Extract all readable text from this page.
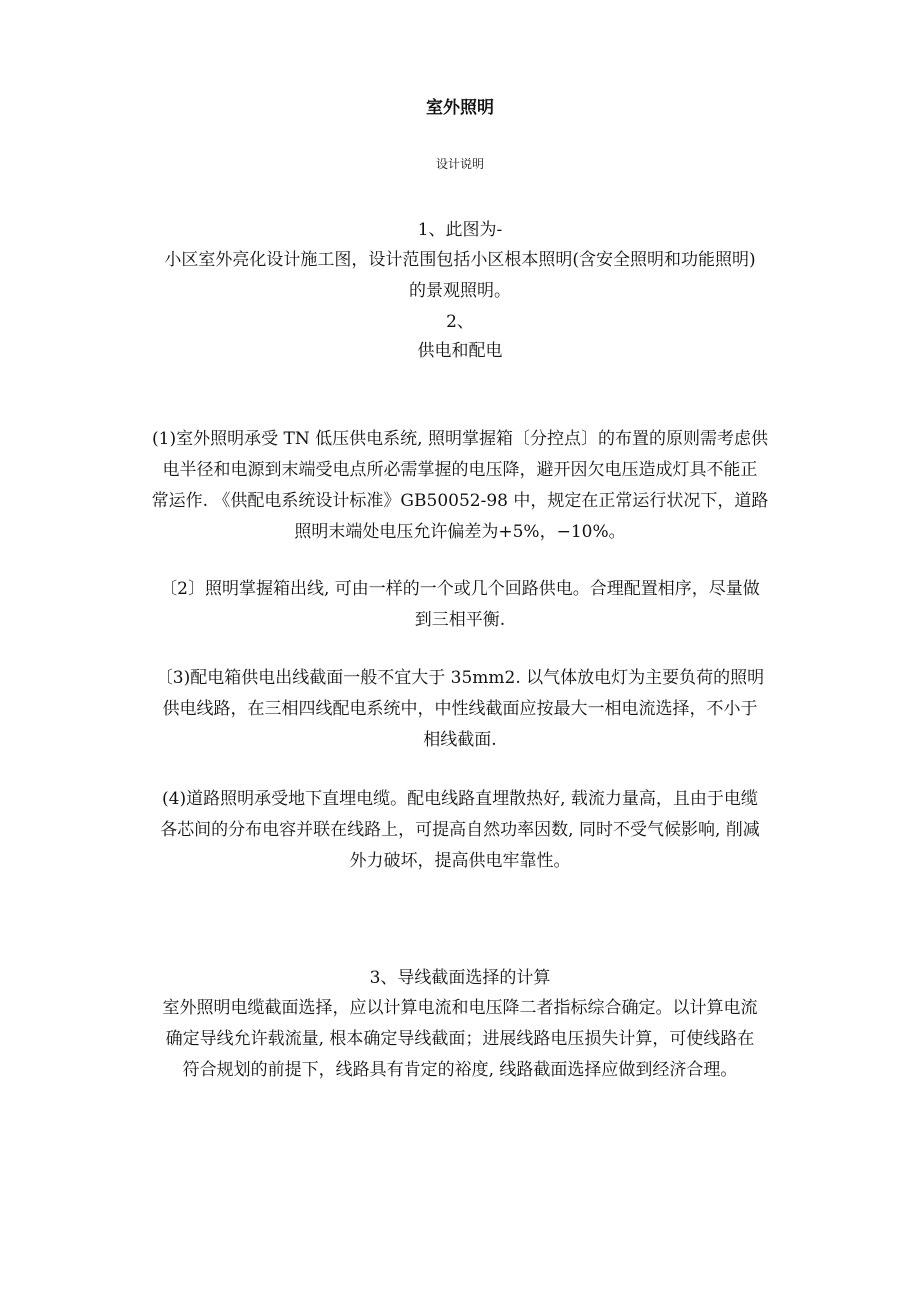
室外照明
设计说明
1、此图为-
小区室外亮化设计施工图，设计范围包括小区根本照明(含安全照明和功能照明)
的景观照明。
2、
供电和配电
(1)室外照明承受 TN 低压供电系统, 照明掌握箱〔分控点〕的布置的原则需考虑供
电半径和电源到末端受电点所必需掌握的电压降，避开因欠电压造成灯具不能正
常运作. 《供配电系统设计标准》GB50052-98 中，规定在正常运行状况下，道路
照明末端处电压允许偏差为+5%，−10%。
〔2〕照明掌握箱出线, 可由一样的一个或几个回路供电。合理配置相序，尽量做
到三相平衡.
〔3)配电箱供电出线截面一般不宜大于 35mm2. 以气体放电灯为主要负荷的照明
供电线路，在三相四线配电系统中，中性线截面应按最大一相电流选择，不小于
相线截面.
(4)道路照明承受地下直埋电缆。配电线路直埋散热好, 载流力量高，且由于电缆
各芯间的分布电容并联在线路上，可提高自然功率因数, 同时不受气候影响, 削减
外力破坏，提高供电牢靠性。
3、导线截面选择的计算
室外照明电缆截面选择，应以计算电流和电压降二者指标综合确定。以计算电流
确定导线允许载流量, 根本确定导线截面；进展线路电压损失计算，可使线路在
符合规划的前提下，线路具有肯定的裕度, 线路截面选择应做到经济合理。
